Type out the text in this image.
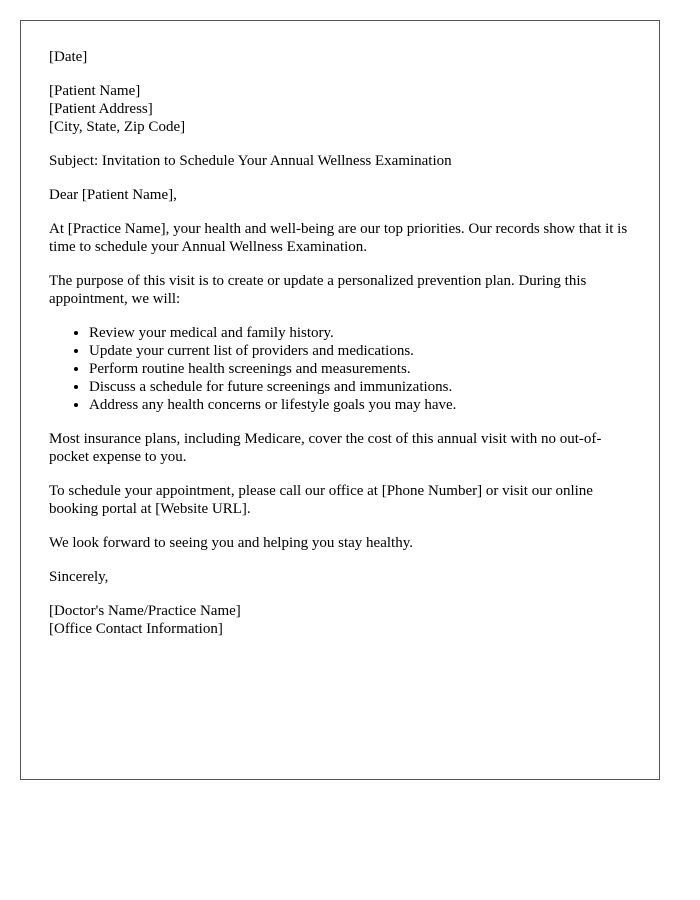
[Date]

[Patient Name]
[Patient Address]
[City, State, Zip Code]

Subject: Invitation to Schedule Your Annual Wellness Examination

Dear [Patient Name],

At [Practice Name], your health and well-being are our top priorities. Our records show that it is time to schedule your Annual Wellness Examination.

The purpose of this visit is to create or update a personalized prevention plan. During this appointment, we will:

• Review your medical and family history.
• Update your current list of providers and medications.
• Perform routine health screenings and measurements.
• Discuss a schedule for future screenings and immunizations.
• Address any health concerns or lifestyle goals you may have.

Most insurance plans, including Medicare, cover the cost of this annual visit with no out-of-pocket expense to you.

To schedule your appointment, please call our office at [Phone Number] or visit our online booking portal at [Website URL].

We look forward to seeing you and helping you stay healthy.

Sincerely,

[Doctor's Name/Practice Name]
[Office Contact Information]
